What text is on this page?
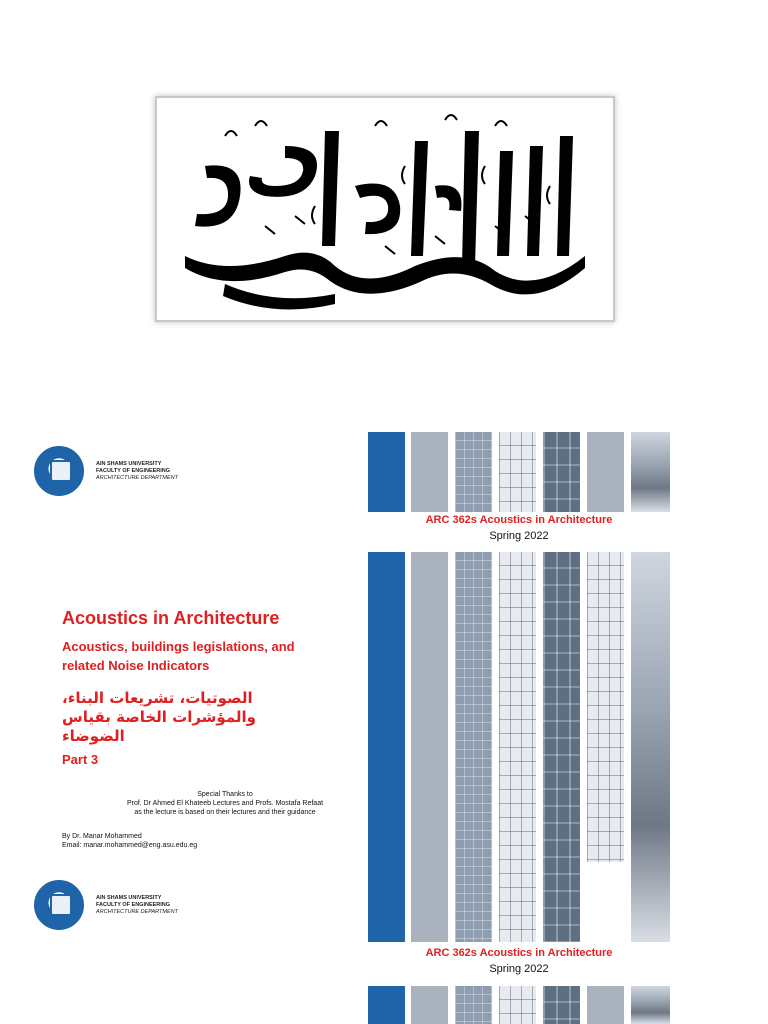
AIN SHAMS UNIVERSITY
FACULTY OF ENGINEERING
ARCHITECTURE DEPARTMENT
Acoustics in Architecture
Acoustics, buildings legislations, and related Noise Indicators
الصوتيات، تشريعات البناء، والمؤشرات الخاصة بقياس الضوضاء
Part 3
Special Thanks to
Prof. Dr Ahmed El Khateeb Lectures and Profs. Mostafa Refaat
as the lecture is based on their lectures and their guidance
By Dr. Manar Mohammed
Email: manar.mohammed@eng.asu.edu.eg
AIN SHAMS UNIVERSITY
FACULTY OF ENGINEERING
ARCHITECTURE DEPARTMENT
ARC 362s Acoustics in Architecture
Spring 2022
ARC 362s Acoustics in Architecture
Spring 2022
